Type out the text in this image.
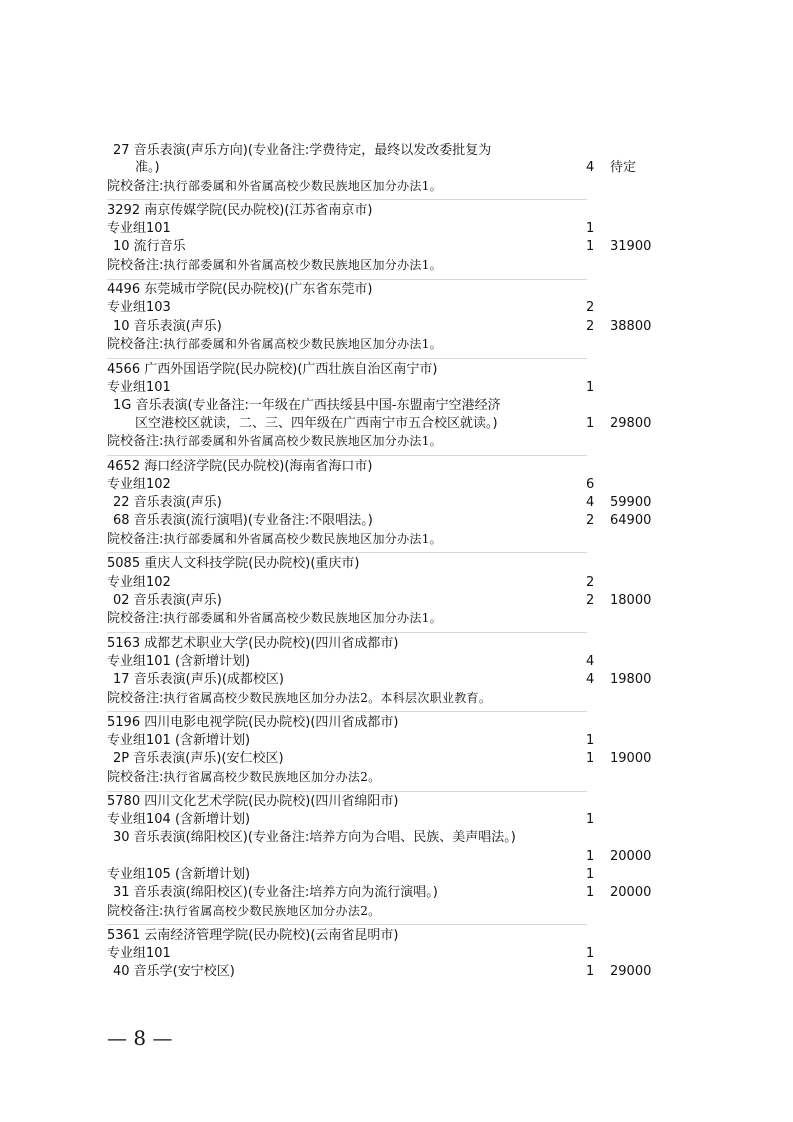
27 音乐表演(声乐方向)(专业备注:学费待定，最终以发改委批复为
准。)	4 待定
院校备注:执行部委属和外省属高校少数民族地区加分办法1。
3292 南京传媒学院(民办院校)(江苏省南京市)
专业组101	1
10 流行音乐	1 31900
院校备注:执行部委属和外省属高校少数民族地区加分办法1。
4496 东莞城市学院(民办院校)(广东省东莞市)
专业组103	2
10 音乐表演(声乐)	2 38800
院校备注:执行部委属和外省属高校少数民族地区加分办法1。
4566 广西外国语学院(民办院校)(广西壮族自治区南宁市)
专业组101	1
1G 音乐表演(专业备注:一年级在广西扶绥县中国-东盟南宁空港经济
区空港校区就读，二、三、四年级在广西南宁市五合校区就读。)	1 29800
院校备注:执行部委属和外省属高校少数民族地区加分办法1。
4652 海口经济学院(民办院校)(海南省海口市)
专业组102	6
22 音乐表演(声乐)	4 59900
68 音乐表演(流行演唱)(专业备注:不限唱法。)	2 64900
院校备注:执行部委属和外省属高校少数民族地区加分办法1。
5085 重庆人文科技学院(民办院校)(重庆市)
专业组102	2
02 音乐表演(声乐)	2 18000
院校备注:执行部委属和外省属高校少数民族地区加分办法1。
5163 成都艺术职业大学(民办院校)(四川省成都市)
专业组101 (含新增计划)	4
17 音乐表演(声乐)(成都校区)	4 19800
院校备注:执行省属高校少数民族地区加分办法2。本科层次职业教育。
5196 四川电影电视学院(民办院校)(四川省成都市)
专业组101 (含新增计划)	1
2P 音乐表演(声乐)(安仁校区)	1 19000
院校备注:执行省属高校少数民族地区加分办法2。
5780 四川文化艺术学院(民办院校)(四川省绵阳市)
专业组104 (含新增计划)	1
30 音乐表演(绵阳校区)(专业备注:培养方向为合唱、民族、美声唱法。)
1 20000
专业组105 (含新增计划)	1
31 音乐表演(绵阳校区)(专业备注:培养方向为流行演唱。)	1 20000
院校备注:执行省属高校少数民族地区加分办法2。
5361 云南经济管理学院(民办院校)(云南省昆明市)
专业组101	1
40 音乐学(安宁校区)	1 29000
— 8 —
